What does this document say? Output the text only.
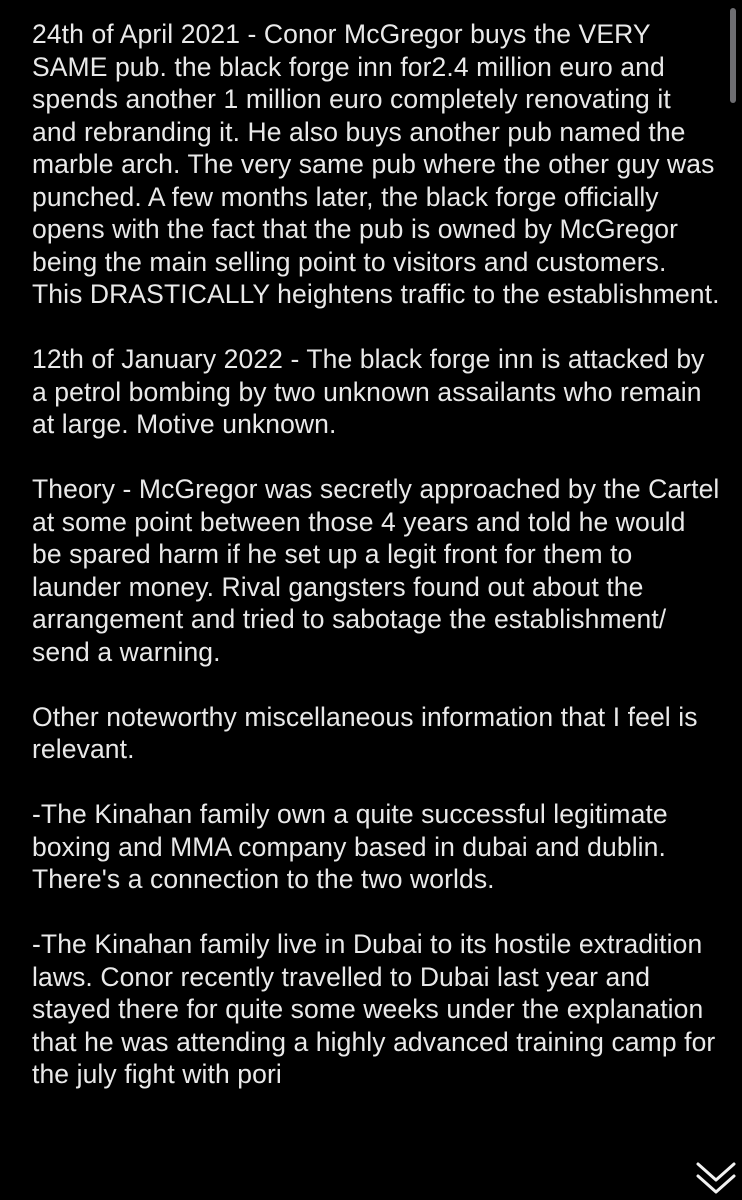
24th of April 2021 - Conor McGregor buys the VERY SAME pub. the black forge inn for2.4 million euro and spends another 1 million euro completely renovating it and rebranding it. He also buys another pub named the marble arch. The very same pub where the other guy was punched. A few months later, the black forge officially opens with the fact that the pub is owned by McGregor being the main selling point to visitors and customers. This DRASTICALLY heightens traffic to the establishment.

12th of January 2022 - The black forge inn is attacked by a petrol bombing by two unknown assailants who remain at large. Motive unknown.

Theory - McGregor was secretly approached by the Cartel at some point between those 4 years and told he would be spared harm if he set up a legit front for them to launder money. Rival gangsters found out about the arrangement and tried to sabotage the establishment/ send a warning.

Other noteworthy miscellaneous information that I feel is relevant.

-The Kinahan family own a quite successful legitimate boxing and MMA company based in dubai and dublin. There's a connection to the two worlds.

-The Kinahan family live in Dubai to its hostile extradition laws. Conor recently travelled to Dubai last year and stayed there for quite some weeks under the explanation that he was attending a highly advanced training camp for the july fight with pori
